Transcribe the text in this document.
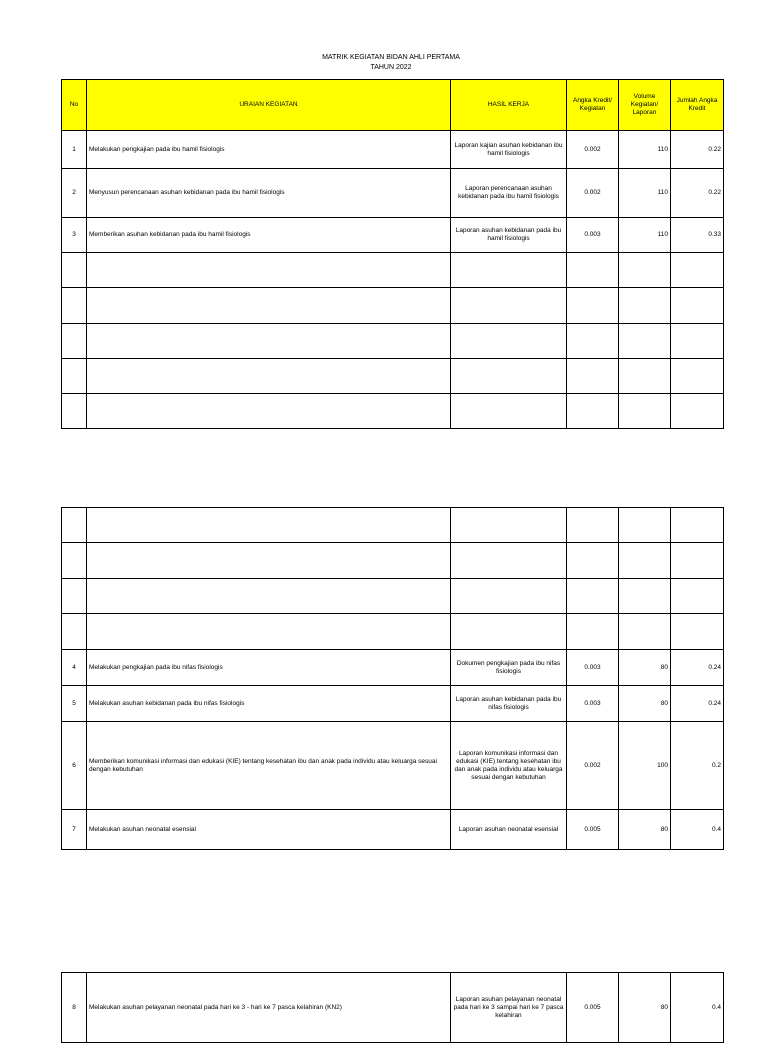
MATRIK KEGIATAN BIDAN AHLI PERTAMA
TAHUN 2022
No	URAIAN KEGIATAN	HASIL KERJA	Angka Kredit/ Kegiatan	Volume Kegiatan/ Laporan	Jumlah Angka Kredit
1	Melakukan pengkajian pada ibu hamil fisiologis	Laporan kajian asuhan kebidanan ibu hamil fisiologis	0.002	110	0.22
2	Menyusun perencanaan asuhan kebidanan pada ibu hamil fisiologis	Laporan perencanaan asuhan kebidanan pada ibu hamil fisiologis	0.002	110	0.22
3	Memberikan asuhan kebidanan pada ibu hamil fisiologis	Laporan asuhan kebidanan pada ibu hamil fisiologis	0.003	110	0.33

4	Melakukan pengkajian pada ibu nifas fisiologis	Dokumen pengkajian pada ibu nifas fisiologis	0.003	80	0.24
5	Melakukan asuhan kebidanan pada ibu nifas fisiologis	Laporan asuhan kebidanan pada ibu nifas fisiologis	0.003	80	0.24
6	Memberikan komunikasi informasi dan edukasi (KIE) tentang kesehatan ibu dan anak pada individu atau keluarga sesuai dengan kebutuhan	Laporan komunikasi informasi dan edukasi (KIE) tentang kesehatan ibu dan anak pada individu atau keluarga sesuai dengan kebutuhan	0.002	100	0.2
7	Melakukan asuhan neonatal esensial	Laporan asuhan neonatal esensial	0.005	80	0.4
8	Melakukan asuhan pelayanan neonatal pada hari ke 3 - hari ke 7 pasca kelahiran (KN2)	Laporan asuhan pelayanan neonatal pada hari ke 3 sampai hari ke 7 pasca kelahiran	0.005	80	0.4
